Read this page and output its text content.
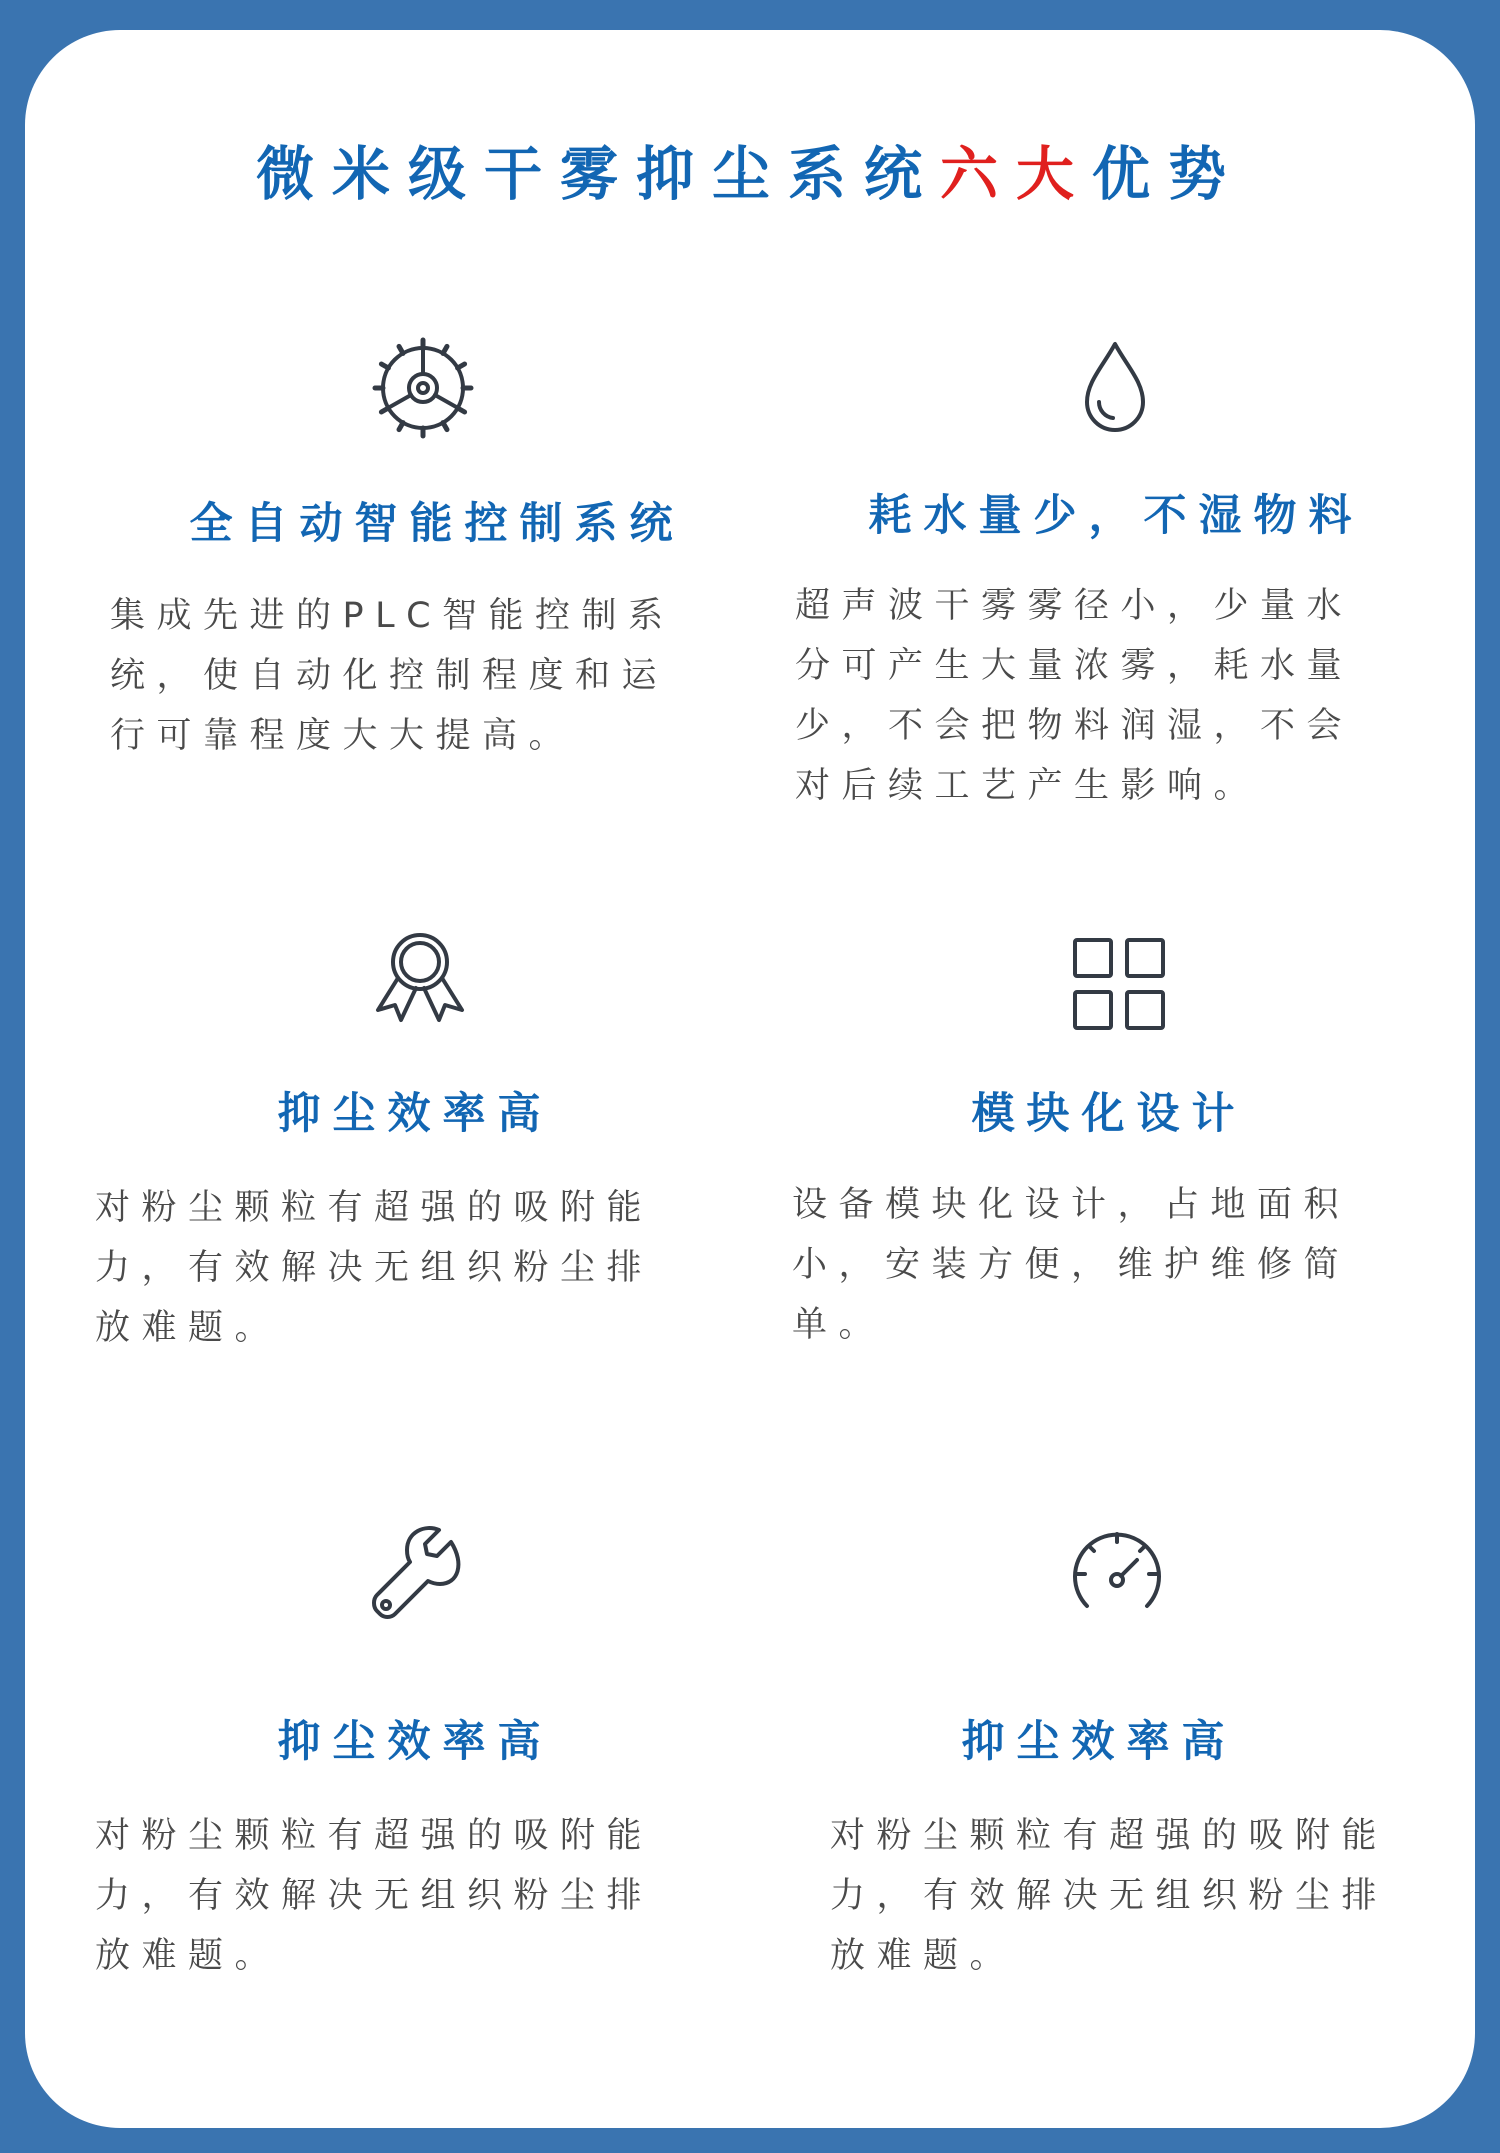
微米级干雾抑尘系统六大优势
全自动智能控制系统
集成先进的PLC智能控制系统，使自动化控制程度和运行可靠程度大大提高。
耗水量少，不湿物料
超声波干雾雾径小，少量水分可产生大量浓雾，耗水量少，不会把物料润湿，不会对后续工艺产生影响。
抑尘效率高
对粉尘颗粒有超强的吸附能力，有效解决无组织粉尘排放难题。
模块化设计
设备模块化设计，占地面积小，安装方便，维护维修简单。
抑尘效率高
对粉尘颗粒有超强的吸附能力，有效解决无组织粉尘排放难题。
抑尘效率高
对粉尘颗粒有超强的吸附能力，有效解决无组织粉尘排放难题。
